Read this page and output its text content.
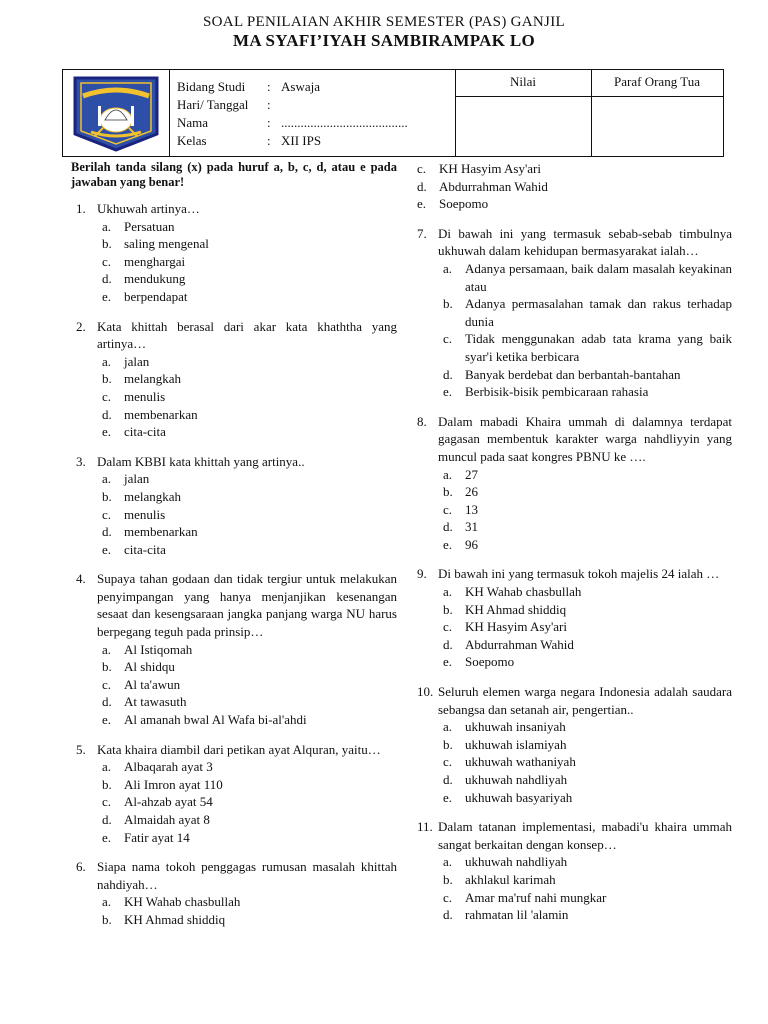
SOAL PENILAIAN AKHIR SEMESTER (PAS) GANJIL
MA SYAFI’IYAH SAMBIRAMPAK LO
Bidang Studi : Aswaja
Hari/ Tanggal :
Nama	: .......................................
Kelas	: XII IPS
Nilai	Paraf Orang Tua
Berilah tanda silang (x) pada huruf a, b, c, d, atau e pada jawaban yang benar!
1. Ukhuwah artinya…
a. Persatuan
b. saling mengenal
c. menghargai
d. mendukung
e. berpendapat
2. Kata khittah berasal dari akar kata khaththa yang artinya…
a. jalan
b. melangkah
c. menulis
d. membenarkan
e. cita-cita
3. Dalam KBBI kata khittah yang artinya..
a. jalan
b. melangkah
c. menulis
d. membenarkan
e. cita-cita
4. Supaya tahan godaan dan tidak tergiur untuk melakukan penyimpangan yang hanya menjanjikan kesenangan sesaat dan kesengsaraan jangka panjang warga NU harus berpegang teguh pada prinsip…
a. Al Istiqomah
b. Al shidqu
c. Al ta'awun
d. At tawasuth
e. Al amanah bwal Al Wafa bi-al'ahdi
5. Kata khaira diambil dari petikan ayat Alquran, yaitu…
a. Albaqarah ayat 3
b. Ali Imron ayat 110
c. Al-ahzab ayat 54
d. Almaidah ayat 8
e. Fatir ayat 14
6. Siapa nama tokoh penggagas rumusan masalah khittah nahdiyah…
a. KH Wahab chasbullah
b. KH Ahmad shiddiq
c. KH Hasyim Asy'ari
d. Abdurrahman Wahid
e. Soepomo
7. Di bawah ini yang termasuk sebab-sebab timbulnya ukhuwah dalam kehidupan bermasyarakat ialah…
a. Adanya persamaan, baik dalam masalah keyakinan atau
b. Adanya permasalahan tamak dan rakus terhadap dunia
c. Tidak menggunakan adab tata krama yang baik syar'i ketika berbicara
d. Banyak berdebat dan berbantah-bantahan
e. Berbisik-bisik pembicaraan rahasia
8. Dalam mabadi Khaira ummah di dalamnya terdapat gagasan membentuk karakter warga nahdliyyin yang muncul pada saat kongres PBNU ke ….
a. 27
b. 26
c. 13
d. 31
e. 96
9. Di bawah ini yang termasuk tokoh majelis 24 ialah …
a. KH Wahab chasbullah
b. KH Ahmad shiddiq
c. KH Hasyim Asy'ari
d. Abdurrahman Wahid
e. Soepomo
10. Seluruh elemen warga negara Indonesia adalah saudara sebangsa dan setanah air, pengertian..
a. ukhuwah insaniyah
b. ukhuwah islamiyah
c. ukhuwah wathaniyah
d. ukhuwah nahdliyah
e. ukhuwah basyariyah
11. Dalam tatanan implementasi, mabadi'u khaira ummah sangat berkaitan dengan konsep…
a. ukhuwah nahdliyah
b. akhlakul karimah
c. Amar ma'ruf nahi mungkar
d. rahmatan lil 'alamin
